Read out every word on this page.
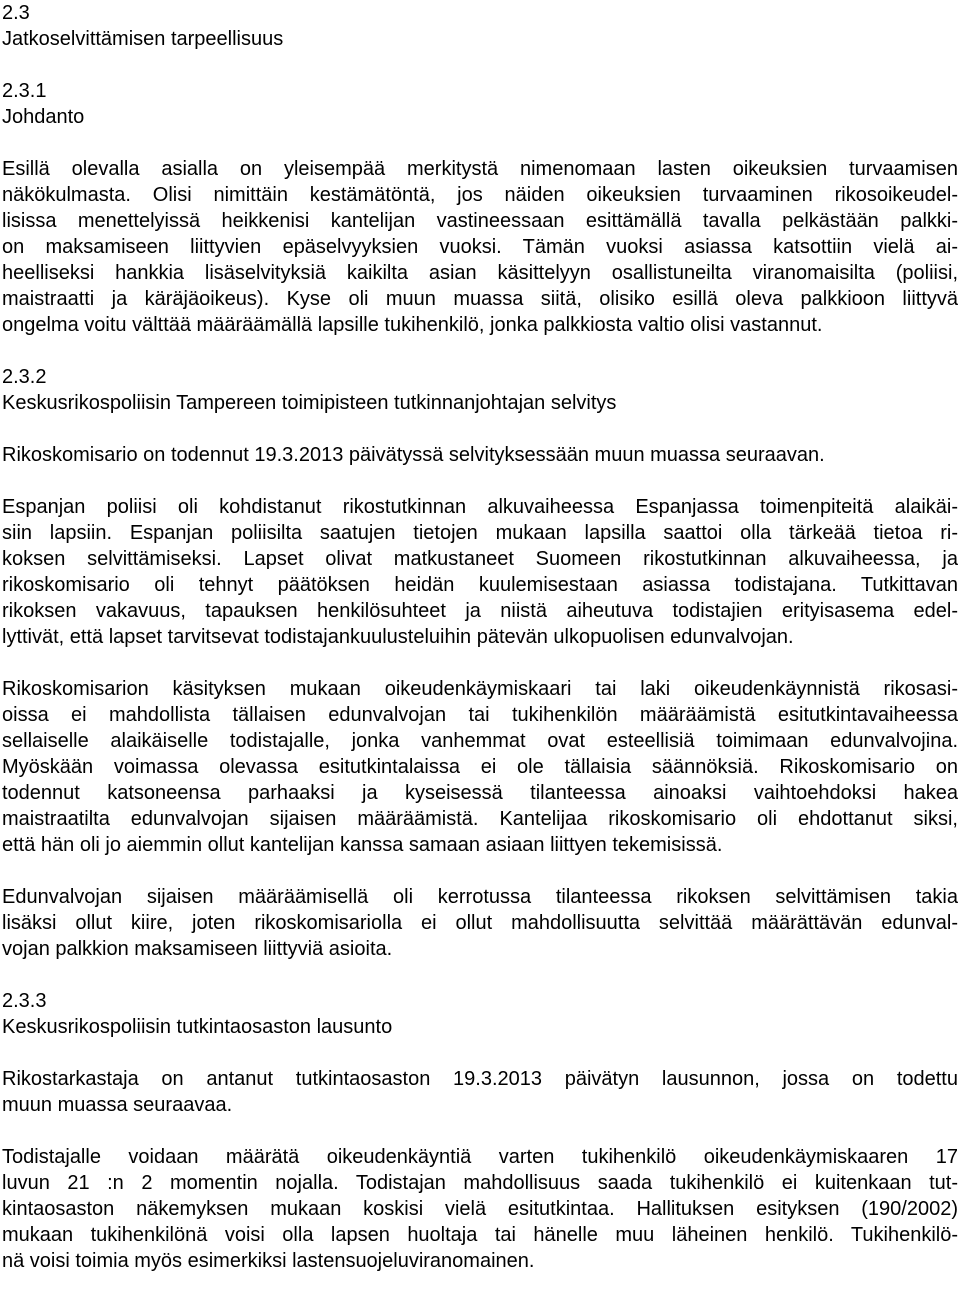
2.3
Jatkoselvittämisen tarpeellisuus
2.3.1
Johdanto
Esillä olevalla asialla on yleisempää merkitystä nimenomaan lasten oikeuksien turvaamisen
näkökulmasta. Olisi nimittäin kestämätöntä, jos näiden oikeuksien turvaaminen rikosoikeudel-
lisissa menettelyissä heikkenisi kantelijan vastineessaan esittämällä tavalla pelkästään palkki-
on maksamiseen liittyvien epäselvyyksien vuoksi. Tämän vuoksi asiassa katsottiin vielä ai-
heelliseksi hankkia lisäselvityksiä kaikilta asian käsittelyyn osallistuneilta viranomaisilta (poliisi,
maistraatti ja käräjäoikeus). Kyse oli muun muassa siitä, olisiko esillä oleva palkkioon liittyvä
ongelma voitu välttää määräämällä lapsille tukihenkilö, jonka palkkiosta valtio olisi vastannut.
2.3.2
Keskusrikospoliisin Tampereen toimipisteen tutkinnanjohtajan selvitys
Rikoskomisario on todennut 19.3.2013 päivätyssä selvityksessään muun muassa seuraavan.
Espanjan poliisi oli kohdistanut rikostutkinnan alkuvaiheessa Espanjassa toimenpiteitä alaikäi-
siin lapsiin. Espanjan poliisilta saatujen tietojen mukaan lapsilla saattoi olla tärkeää tietoa ri-
koksen selvittämiseksi. Lapset olivat matkustaneet Suomeen rikostutkinnan alkuvaiheessa, ja
rikoskomisario oli tehnyt päätöksen heidän kuulemisestaan asiassa todistajana. Tutkittavan
rikoksen vakavuus, tapauksen henkilösuhteet ja niistä aiheutuva todistajien erityisasema edel-
lyttivät, että lapset tarvitsevat todistajankuulusteluihin pätevän ulkopuolisen edunvalvojan.
Rikoskomisarion käsityksen mukaan oikeudenkäymiskaari tai laki oikeudenkäynnistä rikosasi-
oissa ei mahdollista tällaisen edunvalvojan tai tukihenkilön määräämistä esitutkintavaiheessa
sellaiselle alaikäiselle todistajalle, jonka vanhemmat ovat esteellisiä toimimaan edunvalvojina.
Myöskään voimassa olevassa esitutkintalaissa ei ole tällaisia säännöksiä. Rikoskomisario on
todennut katsoneensa parhaaksi ja kyseisessä tilanteessa ainoaksi vaihtoehdoksi hakea
maistraatilta edunvalvojan sijaisen määräämistä. Kantelijaa rikoskomisario oli ehdottanut siksi,
että hän oli jo aiemmin ollut kantelijan kanssa samaan asiaan liittyen tekemisissä.
Edunvalvojan sijaisen määräämisellä oli kerrotussa tilanteessa rikoksen selvittämisen takia
lisäksi ollut kiire, joten rikoskomisariolla ei ollut mahdollisuutta selvittää määrättävän edunval-
vojan palkkion maksamiseen liittyviä asioita.
2.3.3
Keskusrikospoliisin tutkintaosaston lausunto
Rikostarkastaja on antanut tutkintaosaston 19.3.2013 päivätyn lausunnon, jossa on todettu
muun muassa seuraavaa.
Todistajalle voidaan määrätä oikeudenkäyntiä varten tukihenkilö oikeudenkäymiskaaren 17
luvun 21 :n 2 momentin nojalla. Todistajan mahdollisuus saada tukihenkilö ei kuitenkaan tut-
kintaosaston näkemyksen mukaan koskisi vielä esitutkintaa. Hallituksen esityksen (190/2002)
mukaan tukihenkilönä voisi olla lapsen huoltaja tai hänelle muu läheinen henkilö. Tukihenkilö-
nä voisi toimia myös esimerkiksi lastensuojeluviranomainen.
